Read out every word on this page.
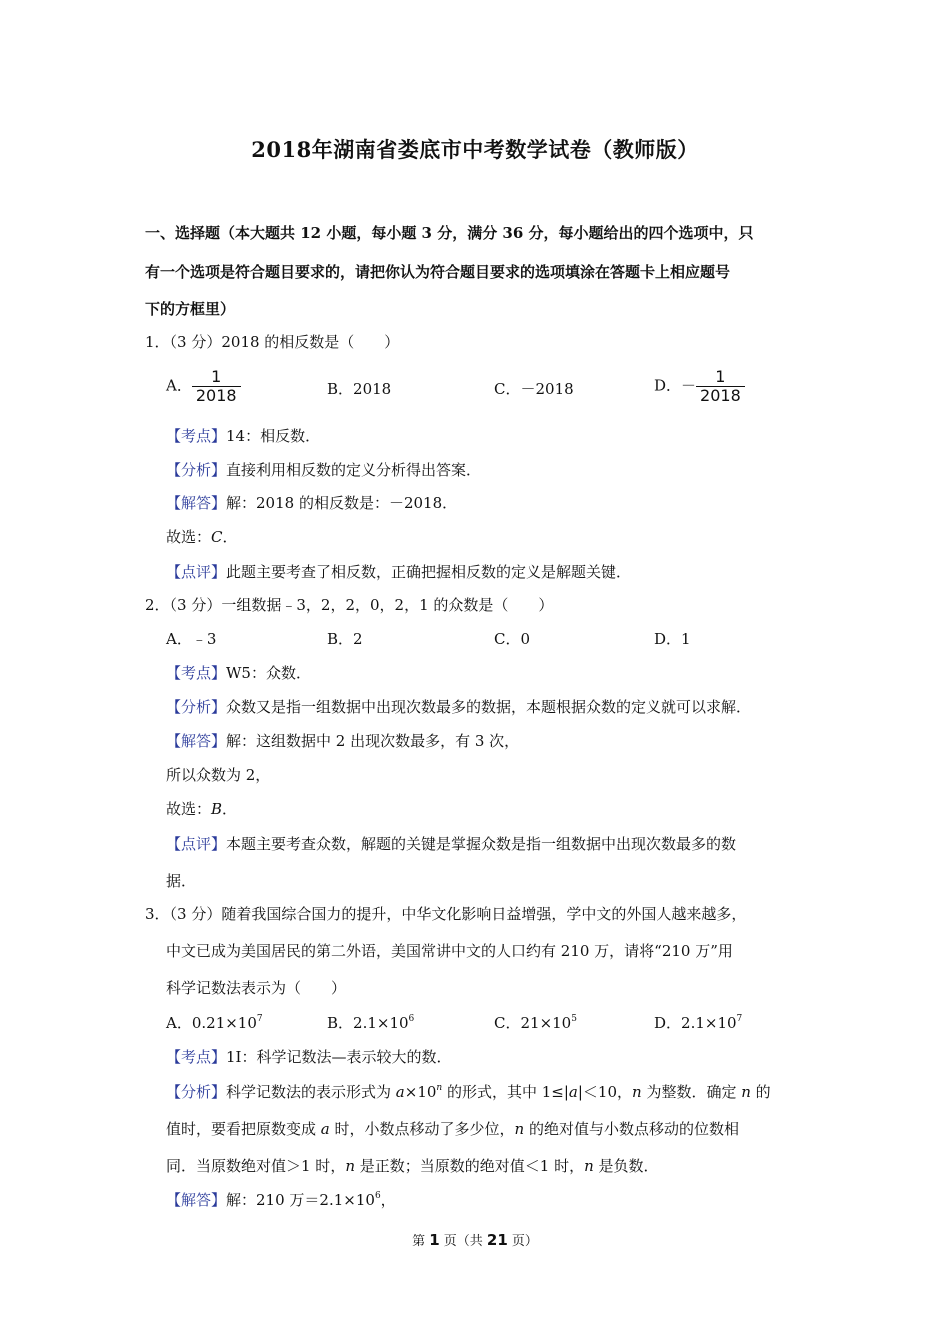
2018年湖南省娄底市中考数学试卷（教师版）
一、选择题（本大题共 12 小题，每小题 3 分，满分 36 分，每小题给出的四个选项中，只
有一个选项是符合题目要求的，请把你认为符合题目要求的选项填涂在答题卡上相应题号
下的方框里）
1．（3 分）2018 的相反数是（　　）
A． $\frac{1}{2018}$	B．2018	C．－2018	D．－ $\frac{1}{2018}$
【考点】14：相反数．
【分析】直接利用相反数的定义分析得出答案．
【解答】解：2018 的相反数是：－2018．
故选：C．
【点评】此题主要考查了相反数，正确把握相反数的定义是解题关键．
2．（3 分）一组数据﹣3，2，2，0，2，1 的众数是（　　）
A．﹣3	B．2	C．0	D．1
【考点】W5：众数．
【分析】众数又是指一组数据中出现次数最多的数据，本题根据众数的定义就可以求解．
【解答】解：这组数据中 2 出现次数最多，有 3 次，
所以众数为 2，
故选：B．
【点评】本题主要考查众数，解题的关键是掌握众数是指一组数据中出现次数最多的数
据．
3．（3 分）随着我国综合国力的提升，中华文化影响日益增强，学中文的外国人越来越多，
中文已成为美国居民的第二外语，美国常讲中文的人口约有 210 万，请将“210 万”用
科学记数法表示为（　　）
A．$0.21\times 10^7$	B．$2.1\times 10^6$	C．$21\times 10^5$	D．$2.1\times 10^7$
【考点】1I：科学记数法—表示较大的数．
【分析】科学记数法的表示形式为 $a\times 10^n$ 的形式，其中 1≤|a|＜10，n 为整数．确定 n 的
值时，要看把原数变成 a 时，小数点移动了多少位，n 的绝对值与小数点移动的位数相
同．当原数绝对值＞1 时，n 是正数；当原数的绝对值＜1 时，n 是负数．
【解答】解：210 万$=2.1\times 10^6$，
第 1 页（共 21 页）
